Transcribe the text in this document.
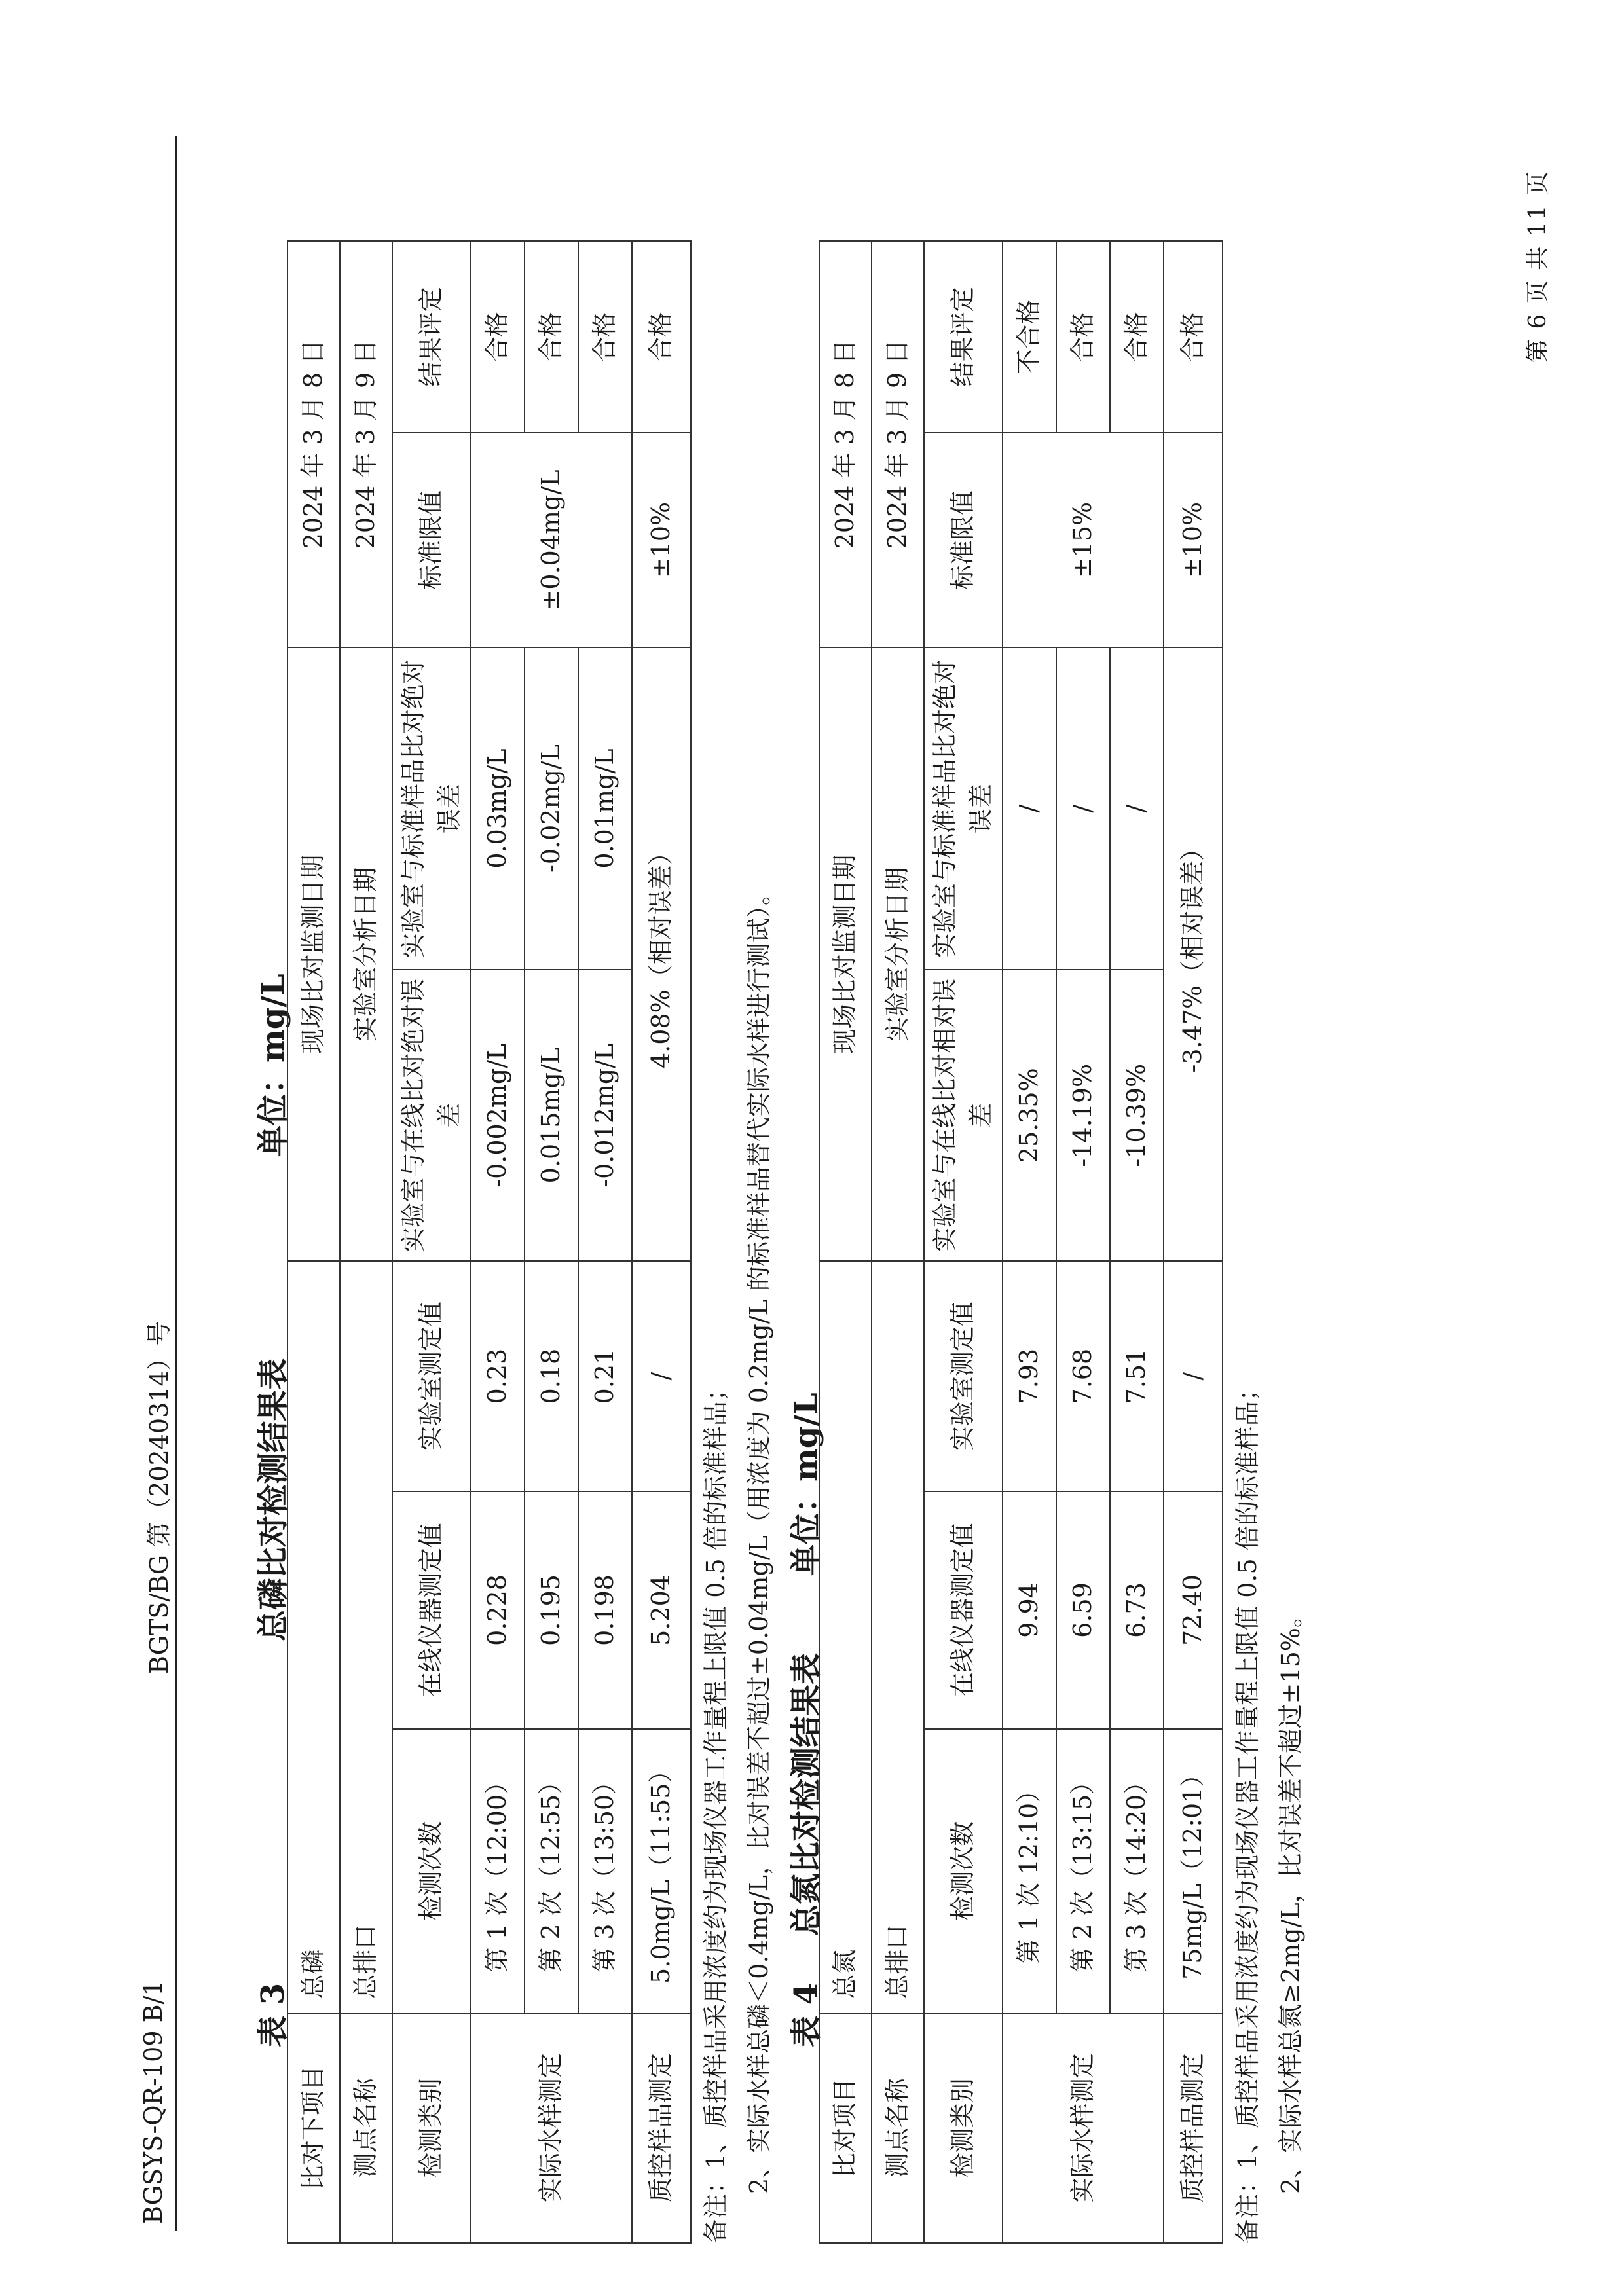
BGSYS-QR-109 B/1
BGTS/BG 第（20240314）号
表 3
总磷比对检测结果表
单位：mg/L
比对下项目	总磷			现场比对监测日期		2024 年 3 月 8 日	
测点名称	总排口			实验室分析日期		2024 年 3 月 9 日	
检测类别	检测次数	在线仪器测定值	实验室测定值	实验室与在线比对绝对误差	实验室与标准样品比对绝对误差	标准限值	结果评定
实际水样测定	第 1 次（12:00）	0.228	0.23	-0.002mg/L	0.03mg/L	±0.04mg/L	合格
	第 2 次（12:55）	0.195	0.18	0.015mg/L	-0.02mg/L		合格
	第 3 次（13:50）	0.198	0.21	-0.012mg/L	0.01mg/L		合格
质控样品测定	5.0mg/L（11:55）	5.204	/	4.08%（相对误差）		±10%	合格
备注：1、质控样品采用浓度约为现场仪器工作量程上限值 0.5 倍的标准样品； 2、实际水样总磷＜0.4mg/L，比对误差不超过±0.04mg/L（用浓度为 0.2mg/L 的标准样品替代实际水样进行测试）。 表 4
总氮比对检测结果表
单位：mg/L
比对项目	总氮			现场比对监测日期		2024 年 3 月 8 日	
测点名称	总排口			实验室分析日期		2024 年 3 月 9 日	
检测类别	检测次数	在线仪器测定值	实验室测定值	实验室与在线比对相对误差	实验室与标准样品比对绝对误差	标准限值	结果评定
实际水样测定	第 1 次 12:10）	9.94	7.93	25.35%	/	±15%	不合格
	第 2 次（13:15）	6.59	7.68	-14.19%	/		合格
	第 3 次（14:20）	6.73	7.51	-10.39%	/		合格
质控样品测定	75mg/L（12:01）	72.40	/	-3.47%（相对误差）		±10%	合格
备注：1、质控样品采用浓度约为现场仪器工作量程上限值 0.5 倍的标准样品； 2、实际水样总氮≥2mg/L，比对误差不超过±15%。
第 6 页 共 11 页
